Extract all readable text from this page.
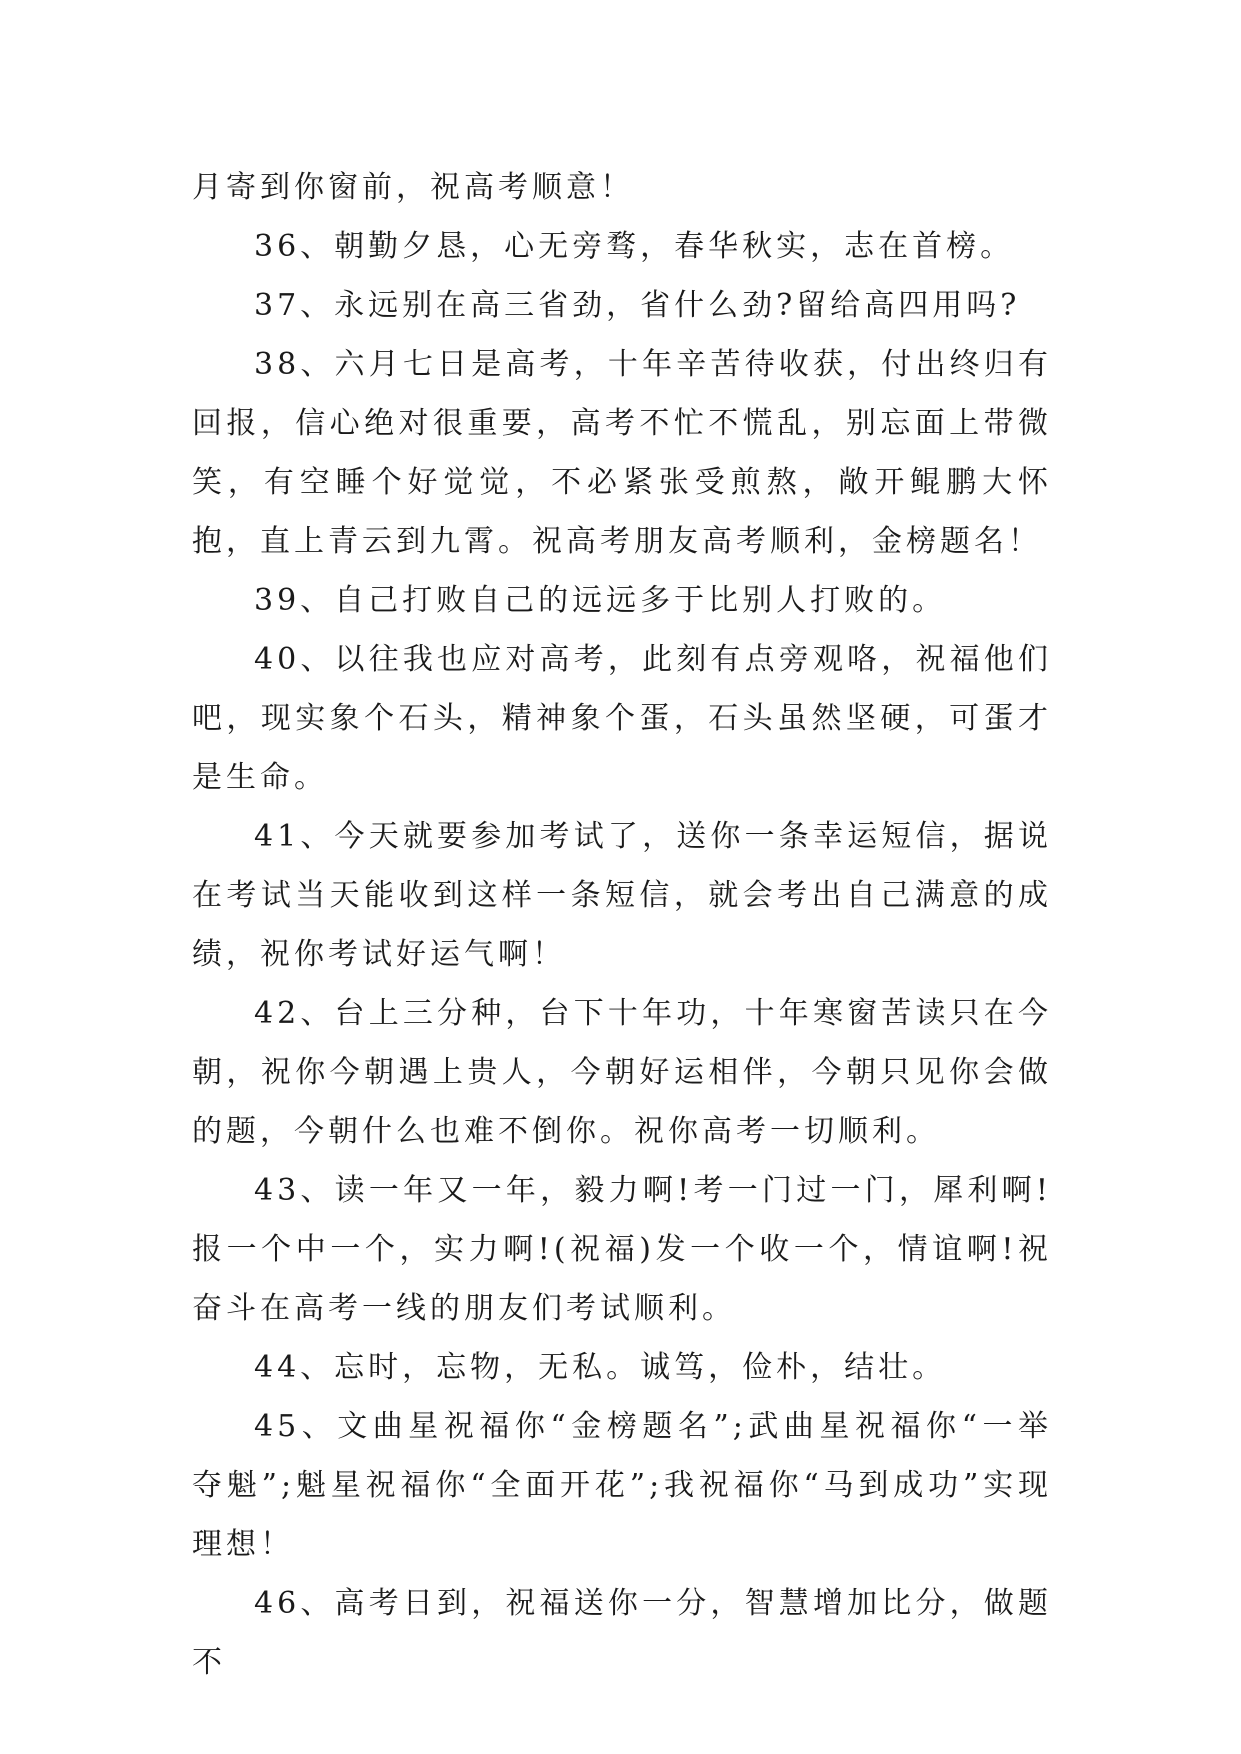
月寄到你窗前，祝高考顺意！

36、朝勤夕恳，心无旁骛，春华秋实，志在首榜。

37、永远别在高三省劲，省什么劲?留给高四用吗?

38、六月七日是高考，十年辛苦待收获，付出终归有回报，信心绝对很重要，高考不忙不慌乱，别忘面上带微笑，有空睡个好觉觉，不必紧张受煎熬，敞开鲲鹏大怀抱，直上青云到九霄。祝高考朋友高考顺利，金榜题名！

39、自己打败自己的远远多于比别人打败的。

40、以往我也应对高考，此刻有点旁观咯，祝福他们吧，现实象个石头，精神象个蛋，石头虽然坚硬，可蛋才是生命。

41、今天就要参加考试了，送你一条幸运短信，据说在考试当天能收到这样一条短信，就会考出自己满意的成绩，祝你考试好运气啊！

42、台上三分种，台下十年功，十年寒窗苦读只在今朝，祝你今朝遇上贵人，今朝好运相伴，今朝只见你会做的题，今朝什么也难不倒你。祝你高考一切顺利。

43、读一年又一年，毅力啊!考一门过一门，犀利啊!报一个中一个，实力啊!(祝福)发一个收一个，情谊啊!祝奋斗在高考一线的朋友们考试顺利。

44、忘时，忘物，无私。诚笃，俭朴，结壮。

45、文曲星祝福你“金榜题名”;武曲星祝福你“一举夺魁”;魁星祝福你“全面开花”;我祝福你“马到成功”实现理想！

46、高考日到，祝福送你一分，智慧增加比分，做题不
